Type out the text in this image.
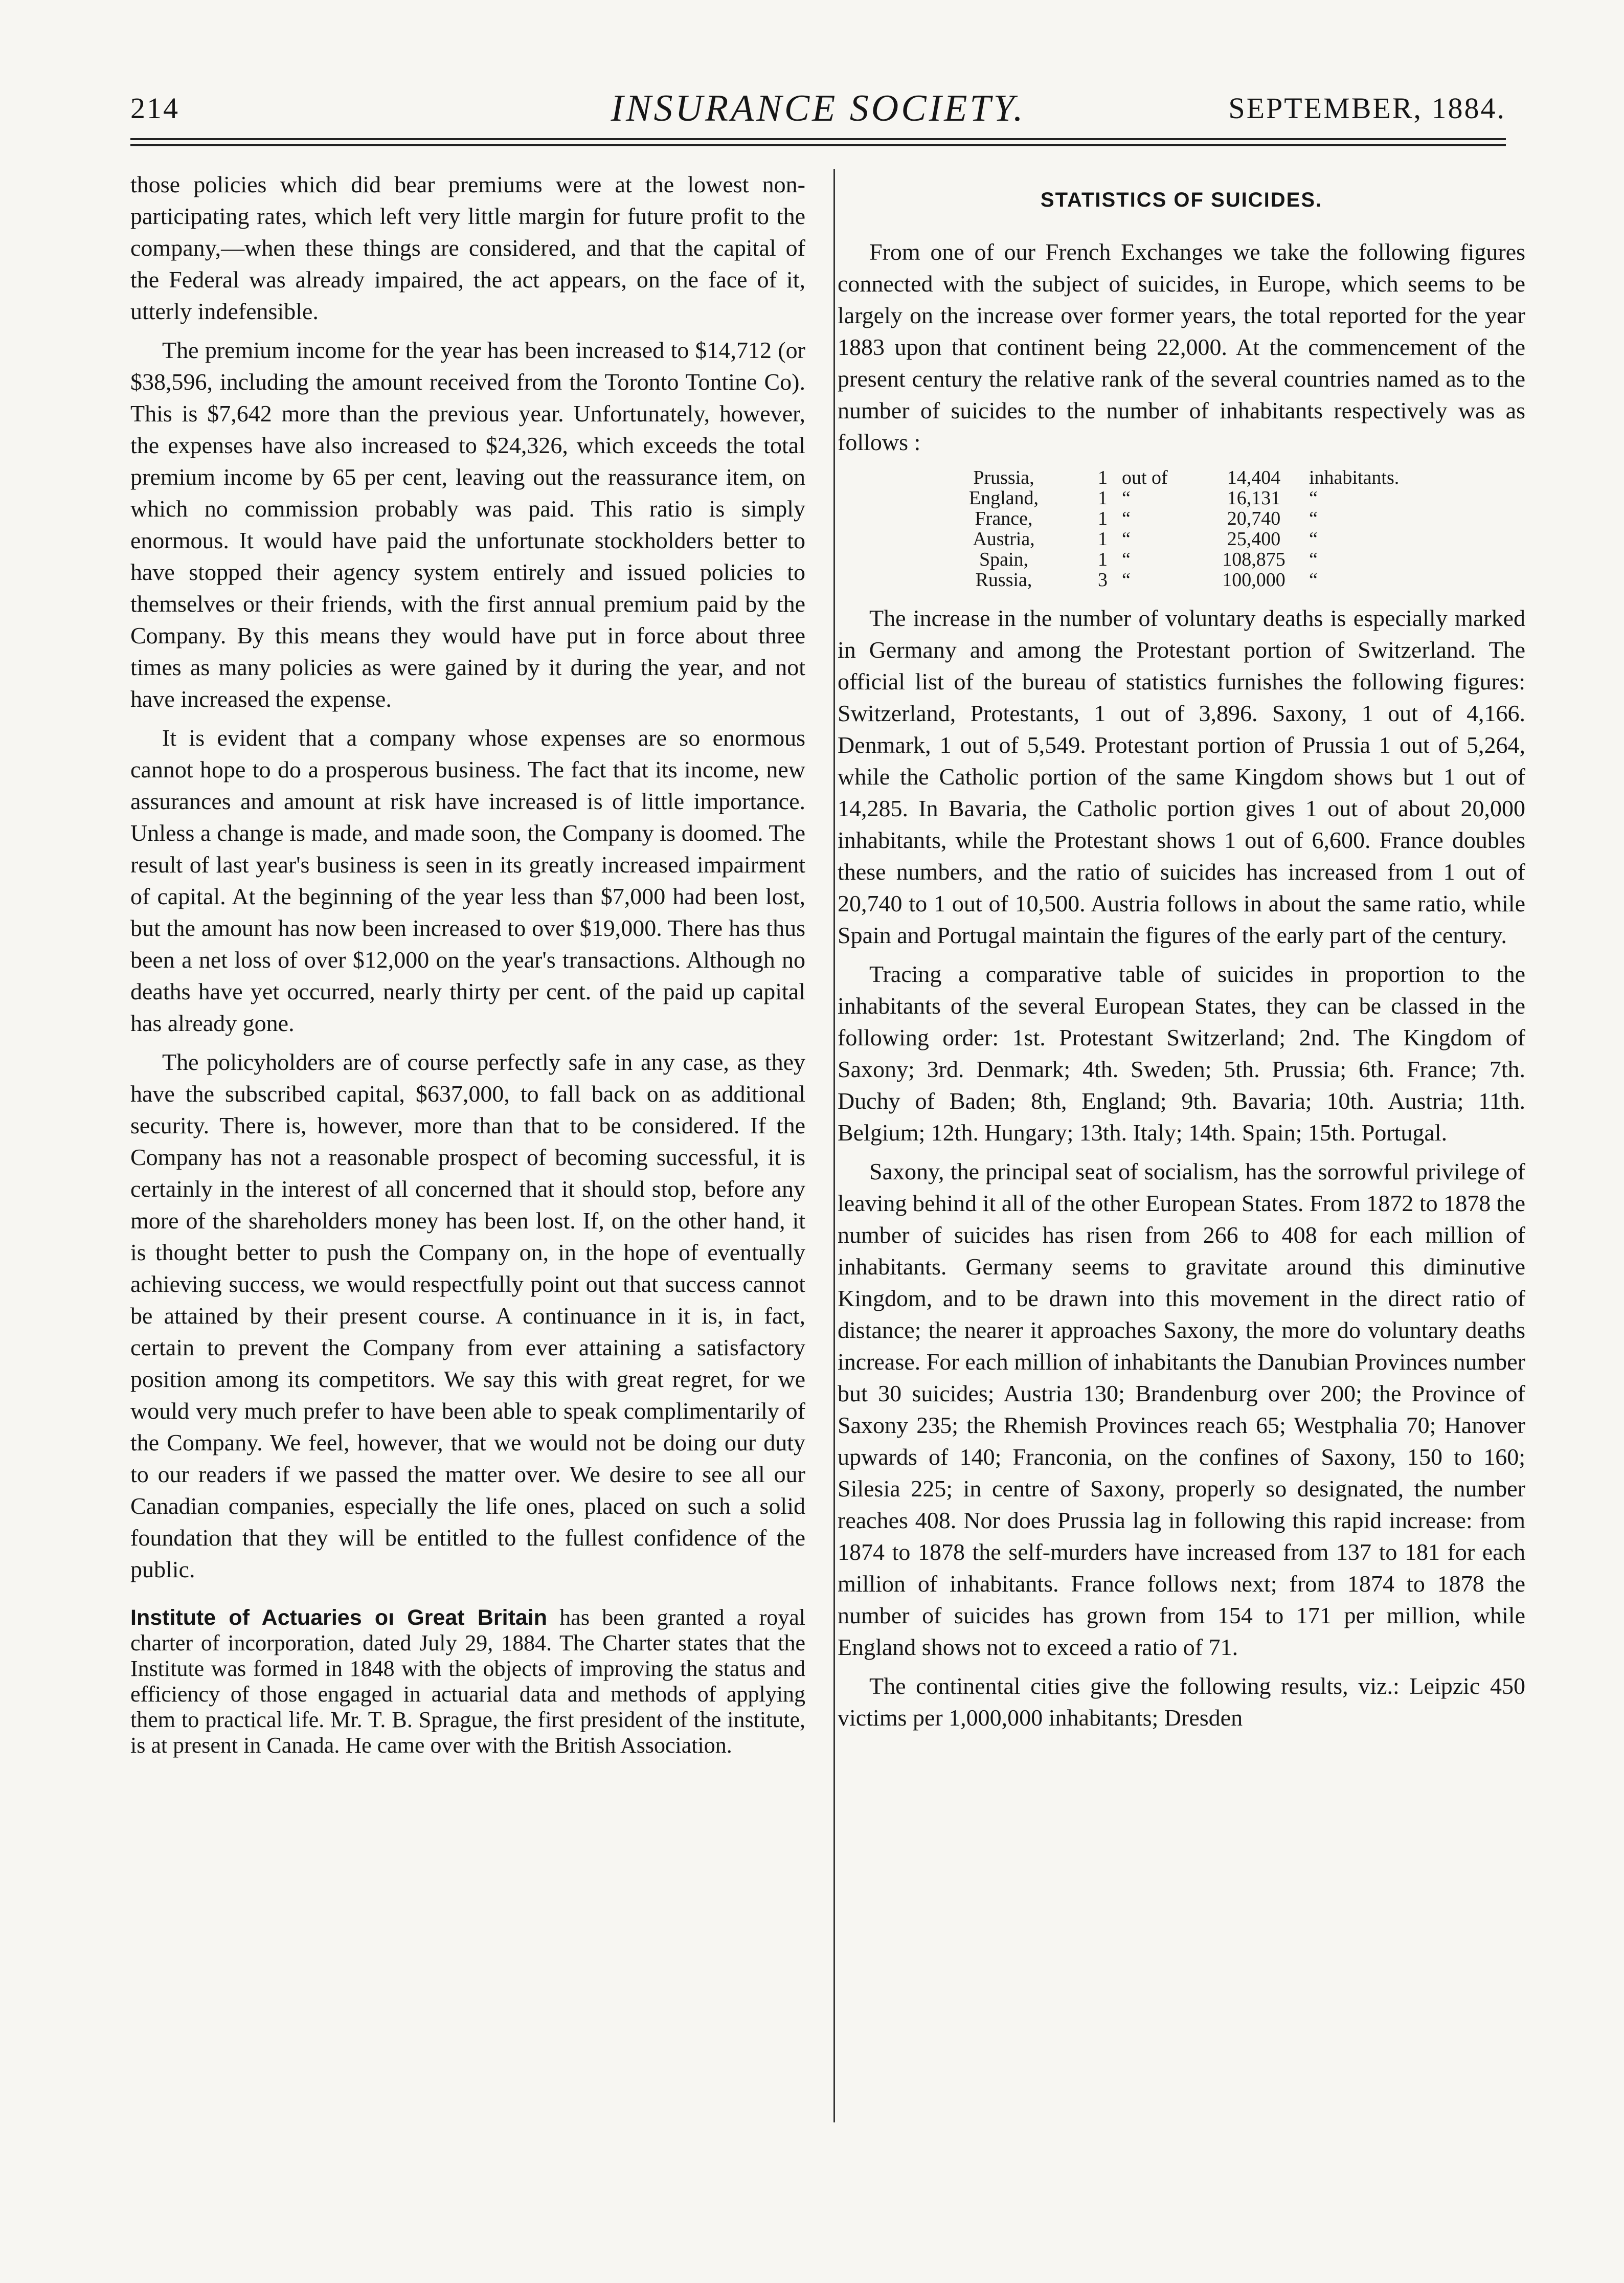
214	INSURANCE SOCIETY.	SEPTEMBER, 1884.

those policies which did bear premiums were at the lowest non-participating rates, which left very little margin for future profit to the company,—when these things are considered, and that the capital of the Federal was already impaired, the act appears, on the face of it, utterly indefensible.

The premium income for the year has been increased to $14,712 (or $38,596, including the amount received from the Toronto Tontine Co). This is $7,642 more than the previous year. Unfortunately, however, the expenses have also increased to $24,326, which exceeds the total premium income by 65 per cent, leaving out the reassurance item, on which no commission probably was paid. This ratio is simply enormous. It would have paid the unfortunate stockholders better to have stopped their agency system entirely and issued policies to themselves or their friends, with the first annual premium paid by the Company. By this means they would have put in force about three times as many policies as were gained by it during the year, and not have increased the expense.

It is evident that a company whose expenses are so enormous cannot hope to do a prosperous business. The fact that its income, new assurances and amount at risk have increased is of little importance. Unless a change is made, and made soon, the Company is doomed. The result of last year's business is seen in its greatly increased impairment of capital. At the beginning of the year less than $7,000 had been lost, but the amount has now been increased to over $19,000. There has thus been a net loss of over $12,000 on the year's transactions. Although no deaths have yet occurred, nearly thirty per cent. of the paid up capital has already gone.

The policyholders are of course perfectly safe in any case, as they have the subscribed capital, $637,000, to fall back on as additional security. There is, however, more than that to be considered. If the Company has not a reasonable prospect of becoming successful, it is certainly in the interest of all concerned that it should stop, before any more of the shareholders money has been lost. If, on the other hand, it is thought better to push the Company on, in the hope of eventually achieving success, we would respectfully point out that success cannot be attained by their present course. A continuance in it is, in fact, certain to prevent the Company from ever attaining a satisfactory position among its competitors. We say this with great regret, for we would very much prefer to have been able to speak complimentarily of the Company. We feel, however, that we would not be doing our duty to our readers if we passed the matter over. We desire to see all our Canadian companies, especially the life ones, placed on such a solid foundation that they will be entitled to the fullest confidence of the public.

Institute of Actuaries oı Great Britain has been granted a royal charter of incorporation, dated July 29, 1884. The Charter states that the Institute was formed in 1848 with the objects of improving the status and efficiency of those engaged in actuarial data and methods of applying them to practical life. Mr. T. B. Sprague, the first president of the institute, is at present in Canada. He came over with the British Association.
STATISTICS OF SUICIDES.

From one of our French Exchanges we take the following figures connected with the subject of suicides, in Europe, which seems to be largely on the increase over former years, the total reported for the year 1883 upon that continent being 22,000. At the commencement of the present century the relative rank of the several countries named as to the number of suicides to the number of inhabitants respectively was as follows :

Prussia,	1	out of	14,404	inhabitants.
England,	1	“	16,131	“
France,	1	“	20,740	“
Austria,	1	“	25,400	“
Spain,	1	“	108,875	“
Russia,	3	“	100,000	“

The increase in the number of voluntary deaths is especially marked in Germany and among the Protestant portion of Switzerland. The official list of the bureau of statistics furnishes the following figures: Switzerland, Protestants, 1 out of 3,896. Saxony, 1 out of 4,166. Denmark, 1 out of 5,549. Protestant portion of Prussia 1 out of 5,264, while the Catholic portion of the same Kingdom shows but 1 out of 14,285. In Bavaria, the Catholic portion gives 1 out of about 20,000 inhabitants, while the Protestant shows 1 out of 6,600. France doubles these numbers, and the ratio of suicides has increased from 1 out of 20,740 to 1 out of 10,500. Austria follows in about the same ratio, while Spain and Portugal maintain the figures of the early part of the century.

Tracing a comparative table of suicides in proportion to the inhabitants of the several European States, they can be classed in the following order: 1st. Protestant Switzerland; 2nd. The Kingdom of Saxony; 3rd. Denmark; 4th. Sweden; 5th. Prussia; 6th. France; 7th. Duchy of Baden; 8th, England; 9th. Bavaria; 10th. Austria; 11th. Belgium; 12th. Hungary; 13th. Italy; 14th. Spain; 15th. Portugal.

Saxony, the principal seat of socialism, has the sorrowful privilege of leaving behind it all of the other European States. From 1872 to 1878 the number of suicides has risen from 266 to 408 for each million of inhabitants. Germany seems to gravitate around this diminutive Kingdom, and to be drawn into this movement in the direct ratio of distance; the nearer it approaches Saxony, the more do voluntary deaths increase. For each million of inhabitants the Danubian Provinces number but 30 suicides; Austria 130; Brandenburg over 200; the Province of Saxony 235; the Rhemish Provinces reach 65; Westphalia 70; Hanover upwards of 140; Franconia, on the confines of Saxony, 150 to 160; Silesia 225; in centre of Saxony, properly so designated, the number reaches 408. Nor does Prussia lag in following this rapid increase: from 1874 to 1878 the self-murders have increased from 137 to 181 for each million of inhabitants. France follows next; from 1874 to 1878 the number of suicides has grown from 154 to 171 per million, while England shows not to exceed a ratio of 71.

The continental cities give the following results, viz.: Leipzic 450 victims per 1,000,000 inhabitants; Dresden
